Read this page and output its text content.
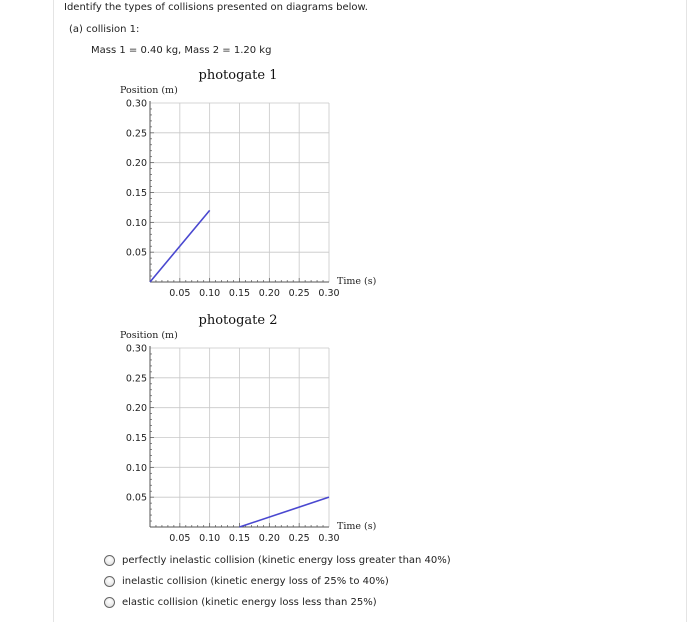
Identify the types of collisions presented on diagrams below.
(a) collision 1:
Mass 1 = 0.40 kg, Mass 2 = 1.20 kg
photogate 1
Position (m)
Time (s)
0.05 0.10 0.15 0.20 0.25 0.30
0.05
0.10
0.15
0.20
0.25
0.30
photogate 2
Position (m)
Time (s)
0.05 0.10 0.15 0.20 0.25 0.30
0.05
0.10
0.15
0.20
0.25
0.30
perfectly inelastic collision (kinetic energy loss greater than 40%)
inelastic collision (kinetic energy loss of 25% to 40%)
elastic collision (kinetic energy loss less than 25%)
